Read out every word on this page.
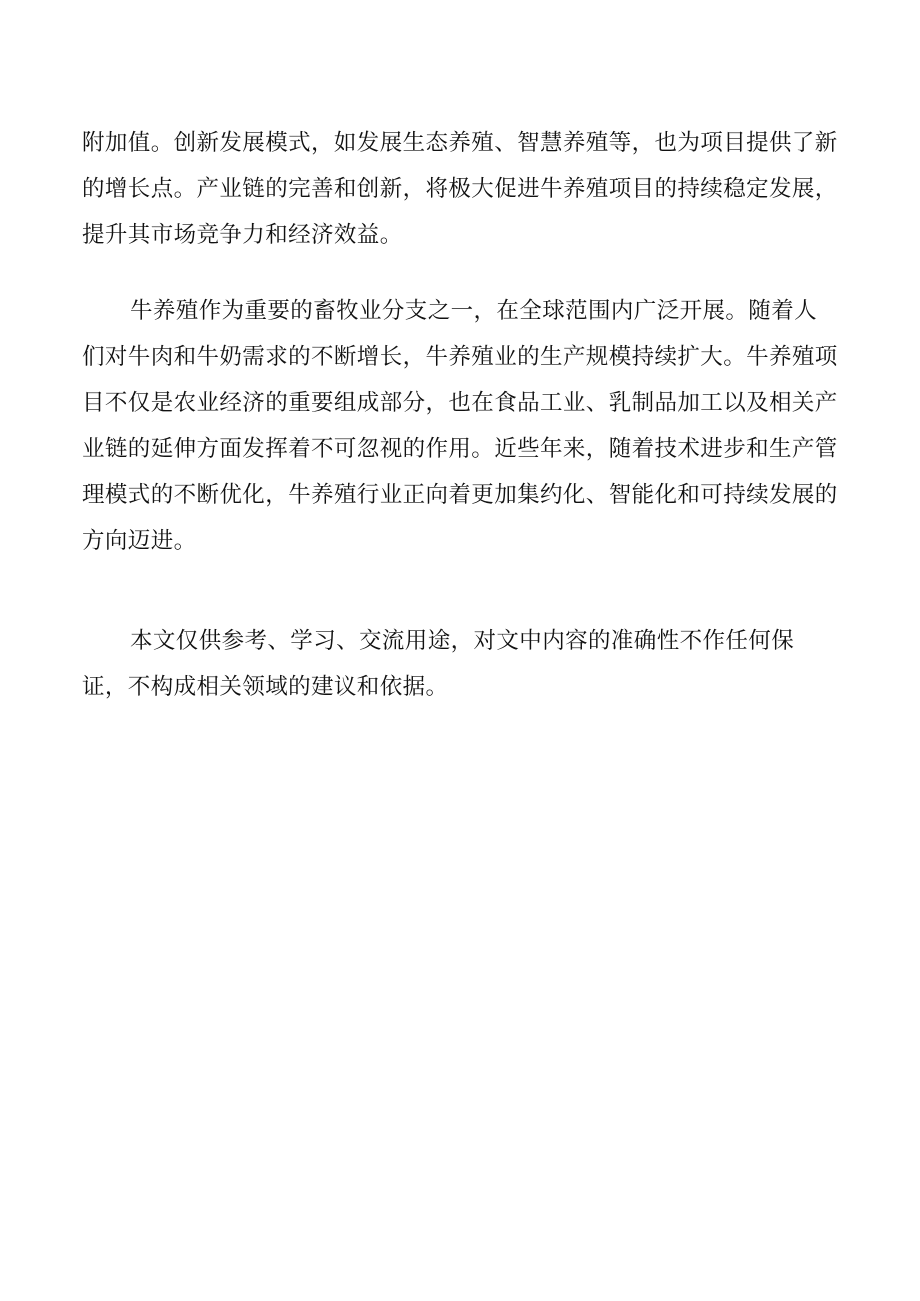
附加值。创新发展模式，如发展生态养殖、智慧养殖等，也为项目提供了新
的增长点。产业链的完善和创新，将极大促进牛养殖项目的持续稳定发展，
提升其市场竞争力和经济效益。
牛养殖作为重要的畜牧业分支之一，在全球范围内广泛开展。随着人
们对牛肉和牛奶需求的不断增长，牛养殖业的生产规模持续扩大。牛养殖项
目不仅是农业经济的重要组成部分，也在食品工业、乳制品加工以及相关产
业链的延伸方面发挥着不可忽视的作用。近些年来，随着技术进步和生产管
理模式的不断优化，牛养殖行业正向着更加集约化、智能化和可持续发展的
方向迈进。
本文仅供参考、学习、交流用途，对文中内容的准确性不作任何保
证，不构成相关领域的建议和依据。
